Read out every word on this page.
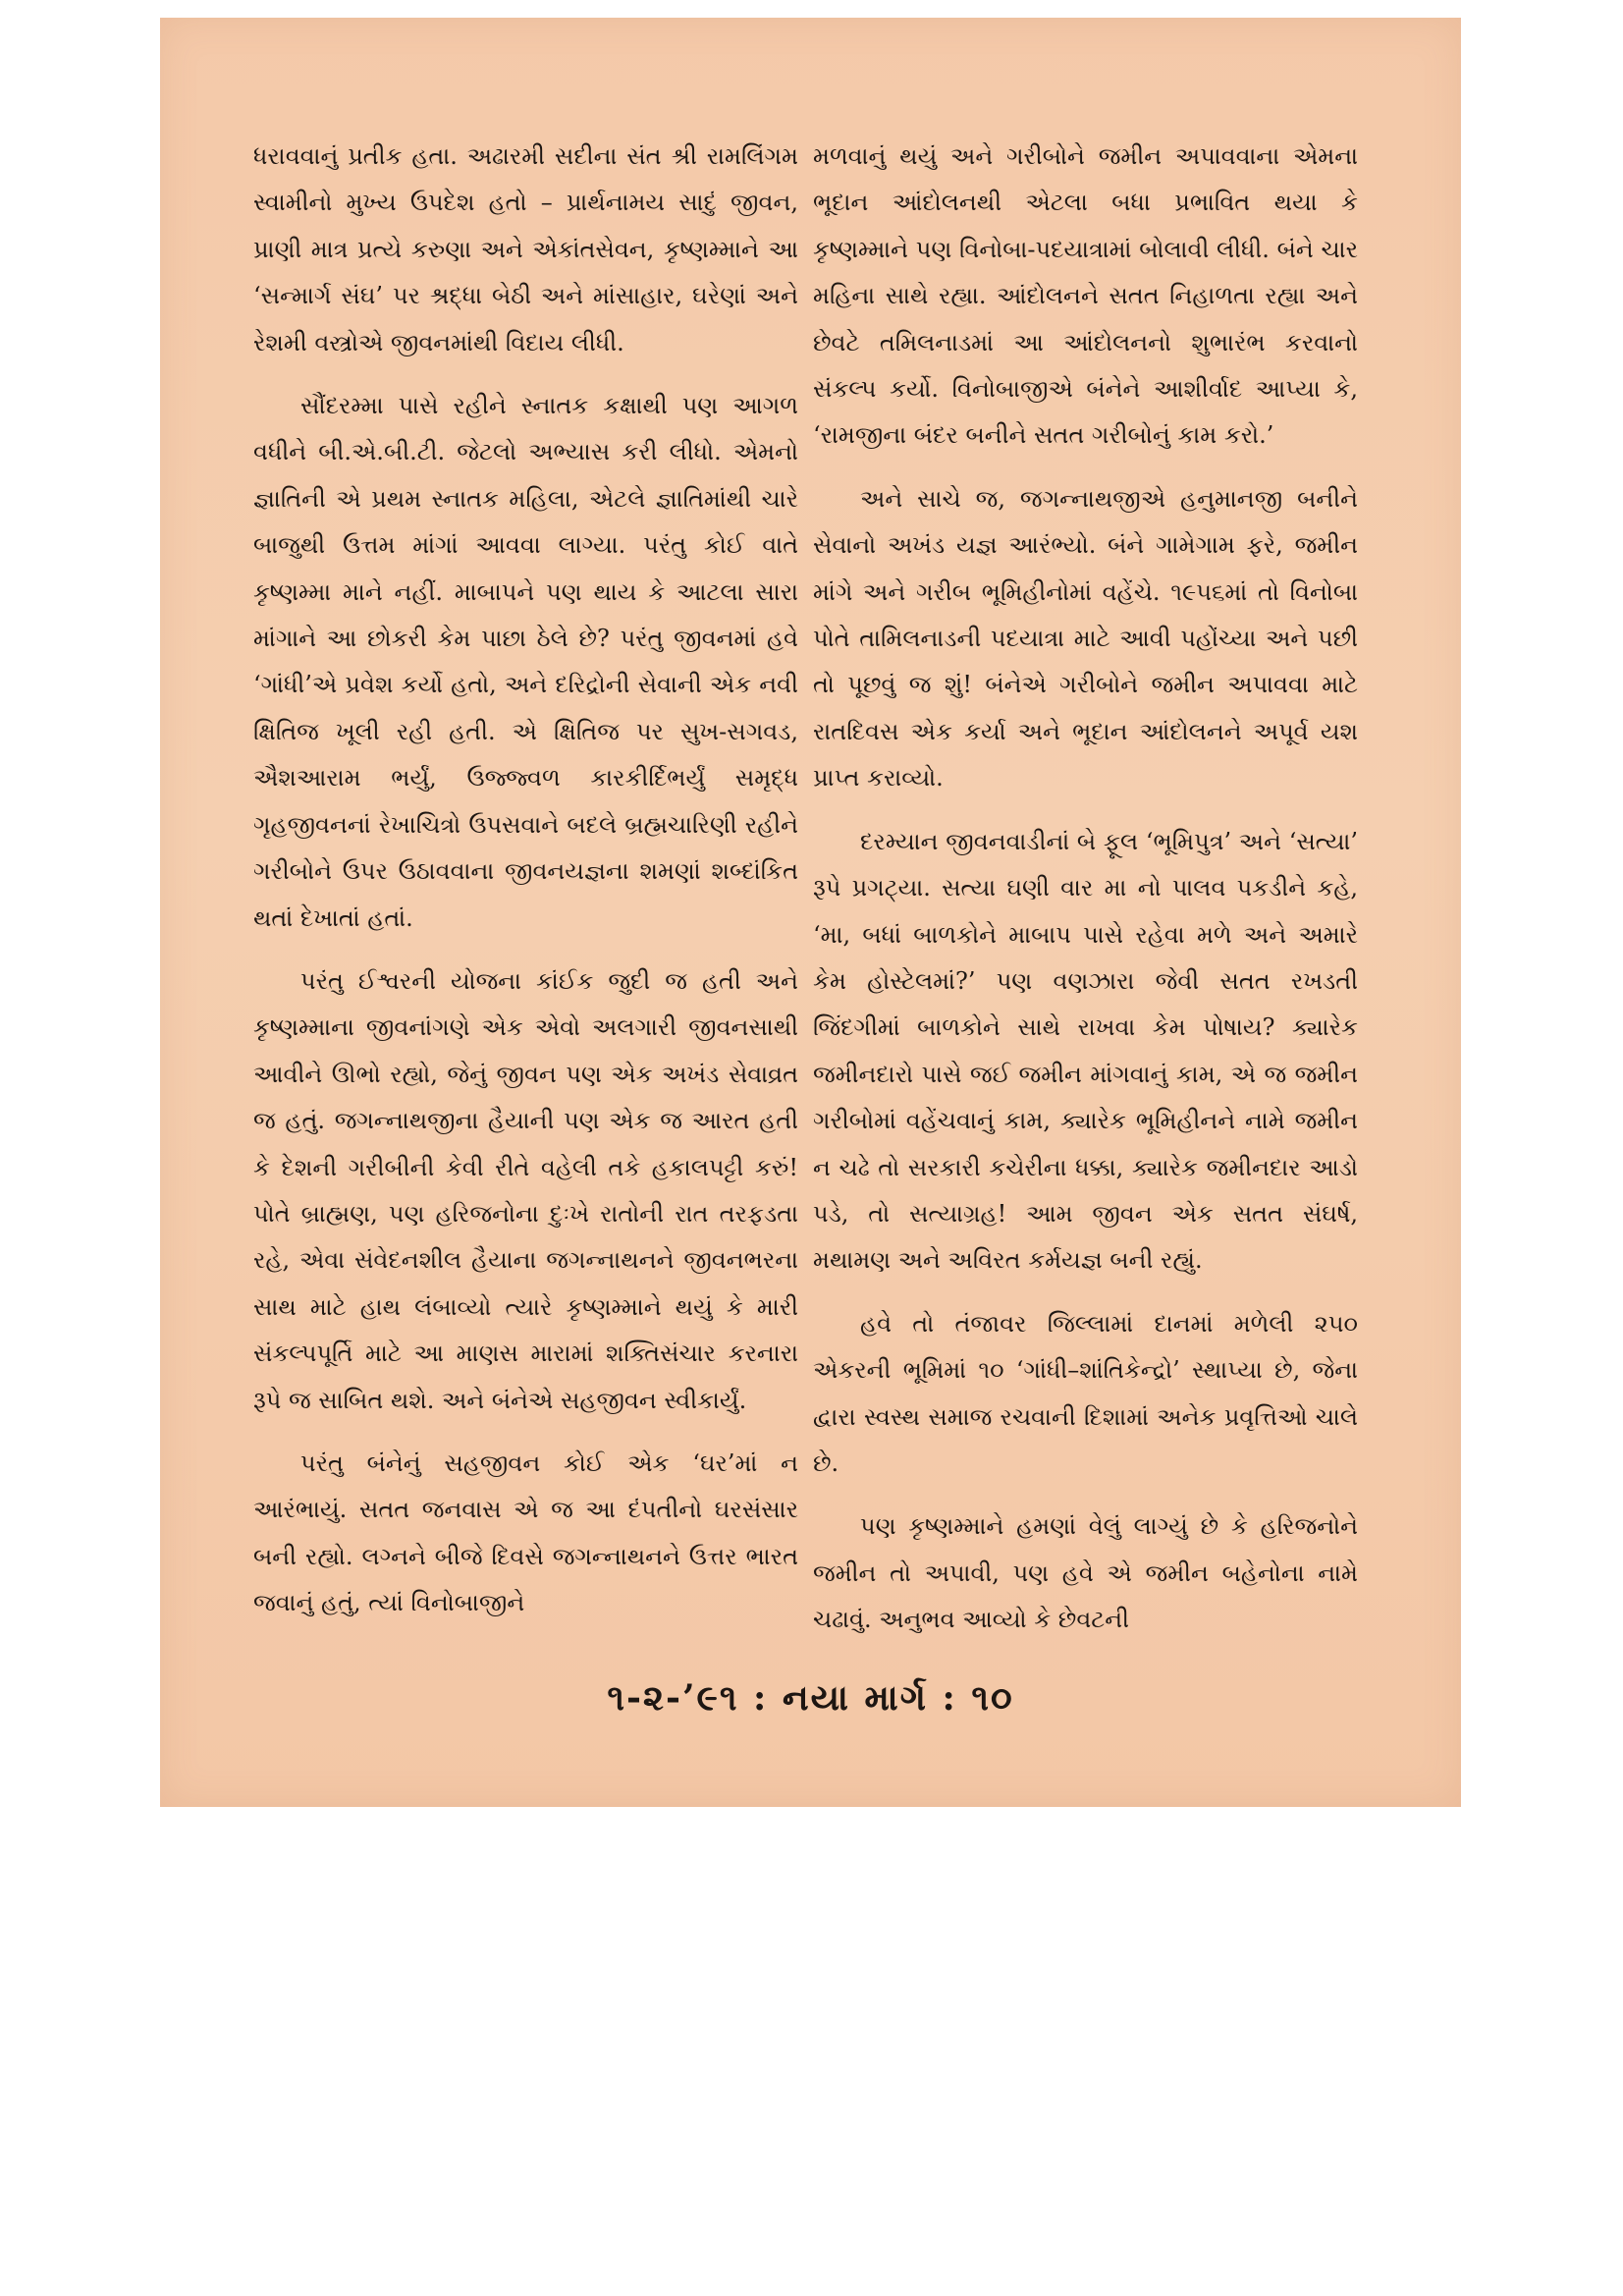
ધરાવવાનું પ્રતીક હતા. અઢારમી સદીના સંત શ્રી રામલિંગમ સ્વામીનો મુખ્ય ઉપદેશ હતો – પ્રાર્થનામય સાદું જીવન, પ્રાણી માત્ર પ્રત્યે કરુણા અને એકાંતસેવન, કૃષ્ણમ્માને આ ‘સન્માર્ગ સંઘ’ પર શ્રદ્ધા બેઠી અને માંસાહાર, ઘરેણાં અને રેશમી વસ્ત્રોએ જીવનમાંથી વિદાય લીધી.

સૌંદરમ્મા પાસે રહીને સ્નાતક કક્ષાથી પણ આગળ વધીને બી.એ.બી.ટી. જેટલો અભ્યાસ કરી લીધો. એમનો જ્ઞાતિની એ પ્રથમ સ્નાતક મહિલા, એટલે જ્ઞાતિમાંથી ચારે બાજુથી ઉત્તમ માંગાં આવવા લાગ્યા. પરંતુ કોઈ વાતે કૃષ્ણમ્મા માને નહીં. માબાપને પણ થાય કે આટલા સારા માંગાને આ છોકરી કેમ પાછા ઠેલે છે? પરંતુ જીવનમાં હવે ‘ગાંધી’એ પ્રવેશ કર્યો હતો, અને દરિદ્રોની સેવાની એક નવી ક્ષિતિજ ખૂલી રહી હતી. એ ક્ષિતિજ પર સુખ-સગવડ, ઐશઆરામ ભર્યું, ઉજ્જ્વળ કારકીર્દિભર્યું સમૃદ્ધ ગૃહજીવનનાં રેખાચિત્રો ઉપસવાને બદલે બ્રહ્મચારિણી રહીને ગરીબોને ઉપર ઉઠાવવાના જીવનયજ્ઞના શમણાં શબ્દાંકિત થતાં દેખાતાં હતાં.

પરંતુ ઈશ્વરની યોજના કાંઈક જુદી જ હતી અને કૃષ્ણમ્માના જીવનાંગણે એક એવો અલગારી જીવનસાથી આવીને ઊભો રહ્યો, જેનું જીવન પણ એક અખંડ સેવાવ્રત જ હતું. જગન્નાથજીના હૈયાની પણ એક જ આરત હતી કે દેશની ગરીબીની કેવી રીતે વહેલી તકે હકાલપટ્ટી કરું! પોતે બ્રાહ્મણ, પણ હરિજનોના દુઃખે રાતોની રાત તરફડતા રહે, એવા સંવેદનશીલ હૈયાના જગન્નાથનને જીવનભરના સાથ માટે હાથ લંબાવ્યો ત્યારે કૃષ્ણમ્માને થયું કે મારી સંકલ્પપૂર્તિ માટે આ માણસ મારામાં શક્તિસંચાર કરનારા રૂપે જ સાબિત થશે. અને બંનેએ સહજીવન સ્વીકાર્યું.

પરંતુ બંનેનું સહજીવન કોઈ એક ‘ઘર’માં ન આરંભાયું. સતત જનવાસ એ જ આ દંપતીનો ઘરસંસાર બની રહ્યો. લગ્નને બીજે દિવસે જગન્નાથનને ઉત્તર ભારત જવાનું હતું, ત્યાં વિનોબાજીને

મળવાનું થયું અને ગરીબોને જમીન અપાવવાના એમના ભૂદાન આંદોલનથી એટલા બધા પ્રભાવિત થયા કે કૃષ્ણમ્માને પણ વિનોબા-પદયાત્રામાં બોલાવી લીધી. બંને ચાર મહિના સાથે રહ્યા. આંદોલનને સતત નિહાળતા રહ્યા અને છેવટે તમિલનાડમાં આ આંદોલનનો શુભારંભ કરવાનો સંકલ્પ કર્યો. વિનોબાજીએ બંનેને આશીર્વાદ આપ્યા કે, ‘રામજીના બંદર બનીને સતત ગરીબોનું કામ કરો.’

અને સાચે જ, જગન્નાથજીએ હનુમાનજી બનીને સેવાનો અખંડ યજ્ઞ આરંભ્યો. બંને ગામેગામ ફરે, જમીન માંગે અને ગરીબ ભૂમિહીનોમાં વહેંચે. ૧૯૫૬માં તો વિનોબા પોતે તામિલનાડની પદયાત્રા માટે આવી પહોંચ્યા અને પછી તો પૂછવું જ શું! બંનેએ ગરીબોને જમીન અપાવવા માટે રાતદિવસ એક કર્યા અને ભૂદાન આંદોલનને અપૂર્વ યશ પ્રાપ્ત કરાવ્યો.

દરમ્યાન જીવનવાડીનાં બે ફૂલ ‘ભૂમિપુત્ર’ અને ‘સત્યા’ રૂપે પ્રગટ્યા. સત્યા ઘણી વાર મા નો પાલવ પકડીને કહે, ‘મા, બધાં બાળકોને માબાપ પાસે રહેવા મળે અને અમારે કેમ હોસ્ટેલમાં?’ પણ વણઝારા જેવી સતત રખડતી જિંદગીમાં બાળકોને સાથે રાખવા કેમ પોષાય? ક્યારેક જમીનદારો પાસે જઈ જમીન માંગવાનું કામ, એ જ જમીન ગરીબોમાં વહેંચવાનું કામ, ક્યારેક ભૂમિહીનને નામે જમીન ન ચઢે તો સરકારી કચેરીના ધક્કા, ક્યારેક જમીનદાર આડો પડે, તો સત્યાગ્રહ! આમ જીવન એક સતત સંઘર્ષ, મથામણ અને અવિરત કર્મયજ્ઞ બની રહ્યું.

હવે તો તંજાવર જિલ્લામાં દાનમાં મળેલી ૨૫૦ એકરની ભૂમિમાં ૧૦ ‘ગાંધી–શાંતિકેન્દ્રો’ સ્થાપ્યા છે, જેના દ્વારા સ્વસ્થ સમાજ રચવાની દિશામાં અનેક પ્રવૃત્તિઓ ચાલે છે.

પણ કૃષ્ણમ્માને હમણાં વેલું લાગ્યું છે કે હરિજનોને જમીન તો અપાવી, પણ હવે એ જમીન બહેનોના નામે ચઢાવું. અનુભવ આવ્યો કે છેવટની

૧-૨-’૯૧ : નયા માર્ગ : ૧૦
